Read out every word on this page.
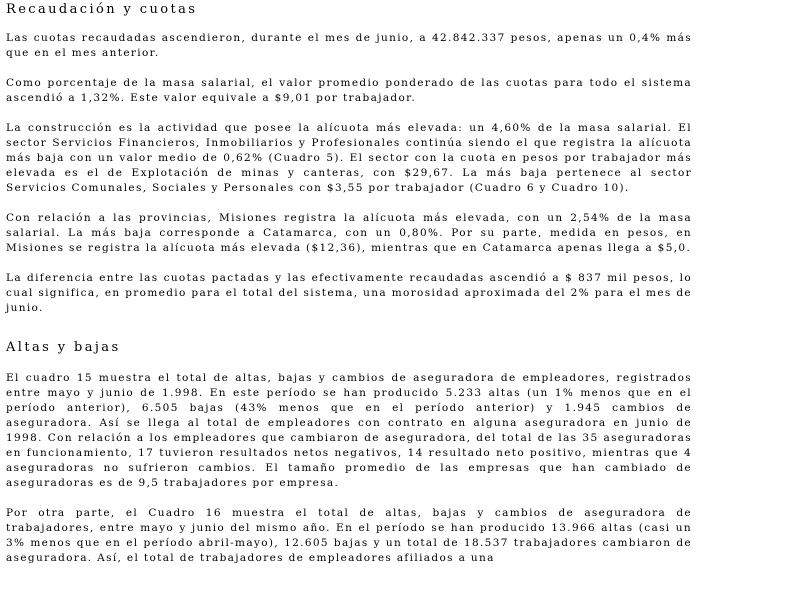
Recaudación y cuotas

Las cuotas recaudadas ascendieron, durante el mes de junio, a 42.842.337 pesos, apenas un 0,4% más que en el mes anterior.

Como porcentaje de la masa salarial, el valor promedio ponderado de las cuotas para todo el sistema ascendió a 1,32%. Este valor equivale a $9,01 por trabajador.

La construcción es la actividad que posee la alícuota más elevada: un 4,60% de la masa salarial. El sector Servicios Financieros, Inmobiliarios y Profesionales continúa siendo el que registra la alícuota más baja con un valor medio de 0,62% (Cuadro 5). El sector con la cuota en pesos por trabajador más elevada es el de Explotación de minas y canteras, con $29,67. La más baja pertenece al sector Servicios Comunales, Sociales y Personales con $3,55 por trabajador (Cuadro 6 y Cuadro 10).

Con relación a las provincias, Misiones registra la alícuota más elevada, con un 2,54% de la masa salarial. La más baja corresponde a Catamarca, con un 0,80%. Por su parte, medida en pesos, en Misiones se registra la alícuota más elevada ($12,36), mientras que en Catamarca apenas llega a $5,0.

La diferencia entre las cuotas pactadas y las efectivamente recaudadas ascendió a $ 837 mil pesos, lo cual significa, en promedio para el total del sistema, una morosidad aproximada del 2% para el mes de junio.

Altas y bajas

El cuadro 15 muestra el total de altas, bajas y cambios de aseguradora de empleadores, registrados entre mayo y junio de 1.998. En este período se han producido 5.233 altas (un 1% menos que en el período anterior), 6.505 bajas (43% menos que en el período anterior) y 1.945 cambios de aseguradora. Así se llega al total de empleadores con contrato en alguna aseguradora en junio de 1998. Con relación a los empleadores que cambiaron de aseguradora, del total de las 35 aseguradoras en funcionamiento, 17 tuvieron resultados netos negativos, 14 resultado neto positivo, mientras que 4 aseguradoras no sufrieron cambios. El tamaño promedio de las empresas que han cambiado de aseguradoras es de 9,5 trabajadores por empresa.

Por otra parte, el Cuadro 16 muestra el total de altas, bajas y cambios de aseguradora de trabajadores, entre mayo y junio del mismo año. En el período se han producido 13.966 altas (casi un 3% menos que en el período abril-mayo), 12.605 bajas y un total de 18.537 trabajadores cambiaron de aseguradora. Así, el total de trabajadores de empleadores afiliados a una
